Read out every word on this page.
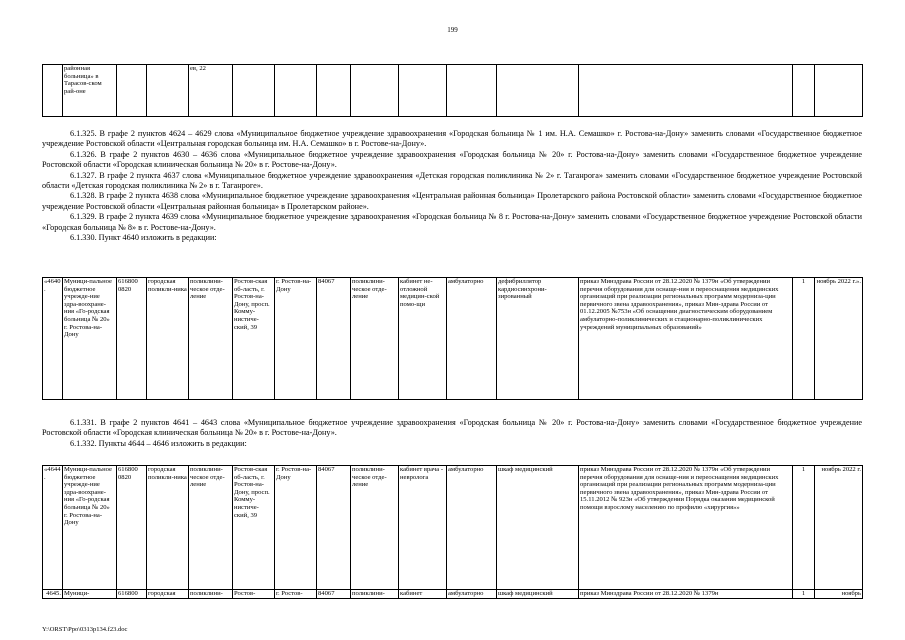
199
	районная больница» в Тарасов-ском рай-оне			ев, 22										

6.1.325. В графе 2 пунктов 4624 – 4629 слова «Муниципальное бюджетное учреждение здравоохранения «Городская больница № 1 им. Н.А. Семашко» г. Ростова-на-Дону» заменить словами «Государственное бюджетное учреждение Ростовской области «Центральная городская больница им. Н.А. Семашко» в г. Ростове-на-Дону».

6.1.326. В графе 2 пунктов 4630 – 4636 слова «Муниципальное бюджетное учреждение здравоохранения «Городская больница № 20» г. Ростова-на-Дону» заменить словами «Государственное бюджетное учреждение Ростовской области «Городская клиническая больница № 20» в г. Ростове-на-Дону».

6.1.327. В графе 2 пункта 4637 слова «Муниципальное бюджетное учреждение здравоохранения «Детская городская поликлиника № 2» г. Таганрога» заменить словами «Государственное бюджетное учреждение Ростовской области «Детская городская поликлиника № 2» в г. Таганроге».

6.1.328. В графе 2 пункта 4638 слова «Муниципальное бюджетное учреждение здравоохранения «Центральная районная больница» Пролетарского района Ростовской области» заменить словами «Государственное бюджетное учреждение Ростовской области «Центральная районная больница» в Пролетарском районе».

6.1.329. В графе 2 пункта 4639 слова «Муниципальное бюджетное учреждение здравоохранения «Городская больница № 8 г. Ростова-на-Дону» заменить словами «Государственное бюджетное учреждение Ростовской области «Городская больница № 8» в г. Ростове-на-Дону».

6.1.330. Пункт 4640 изложить в редакции:

«4640.	Муници-пальное бюджетное учрежде-ние здра-воохране-ния «Го-родская больница № 20» г. Ростова-на-Дону	616800 0820	городская поликли-ника	поликлини-ческое отде-ление	Ростов-ская об-ласть, г. Ростов-на-Дону, просп. Комму-нистиче-ский, 39	г. Ростов-на-Дону	84067	поликлини-ческое отде-ление	кабинет не-отложной медицин-ской помо-щи	амбулаторно	дефибриллятор кардиосинхрони-зированный	приказ Минздрава России от 28.12.2020 № 1379н «Об утверждении перечня оборудования для оснаще-ния и переоснащения медицинских организаций при реализации региональных программ модерниза-ции первичного звена здравоохранения», приказ Мин-здрава России от 01.12.2005 №753н «Об оснащении диагностическим оборудованием амбулаторно-поликлинических и стационарно-поликлинических учреждений муниципальных образований»	1	ноябрь 2022 г.».

6.1.331. В графе 2 пунктов 4641 – 4643 слова «Муниципальное бюджетное учреждение здравоохранения «Городская больница № 20» г. Ростова-на-Дону» заменить словами «Государственное бюджетное учреждение Ростовской области «Городская клиническая больница № 20» в г. Ростове-на-Дону».

6.1.332. Пункты 4644 – 4646 изложить в редакции:

«4644.	Муници-пальное бюджетное учрежде-ние здра-воохране-ния «Го-родская больница № 20» г. Ростова-на-Дону	616800 0820	городская поликли-ника	поликлини-ческое отде-ление	Ростов-ская об-ласть, г. Ростов-на-Дону, просп. Комму-нистиче-ский, 39	г. Ростов-на-Дону	84067	поликлини-ческое отде-ление	кабинет врача - невролога	амбулаторно	шкаф медицинский	приказ Минздрава России от 28.12.2020 № 1379н «Об утверждении перечня оборудования для оснаще-ния и переоснащения медицинских организаций при реализации региональных программ модерниза-ции первичного звена здравоохранения», приказ Мин-здрава России от 15.11.2012 № 923н «Об утверждении Порядка оказания медицинской помощи взрослому населению по профилю «хирургия»»	1	ноябрь 2022 г.
4645.	Муници-	616800	городская	поликлини-	Ростов-	г. Ростов-	84067	поликлини-	кабинет	амбулаторно	шкаф медицинский	приказ Минздрава России от 28.12.2020 № 1379н	1	ноябрь
Y:\ORST\Ppo\0313p134.f23.doc
